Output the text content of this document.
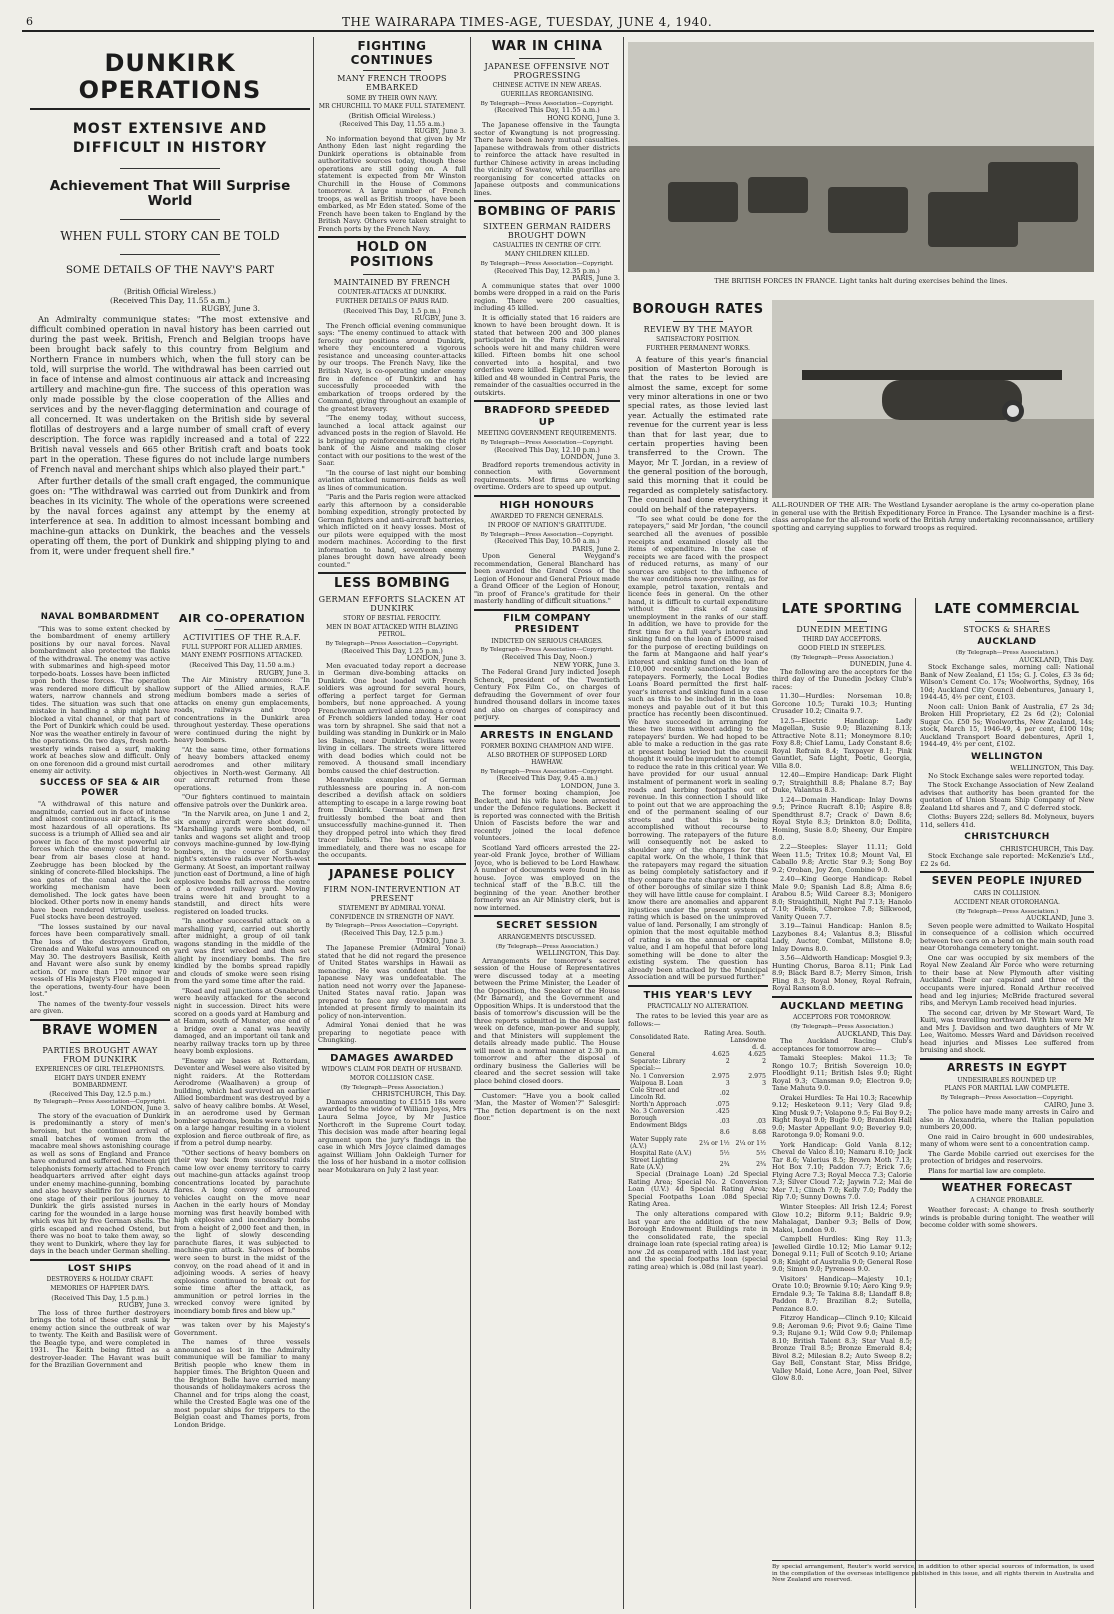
6	THE WAIRARAPA TIMES-AGE, TUESDAY, JUNE 4, 1940.
DUNKIRK OPERATIONS
MOST EXTENSIVE AND DIFFICULT IN HISTORY
Achievement That Will Surprise World
WHEN FULL STORY CAN BE TOLD
SOME DETAILS OF THE NAVY'S PART
(British Official Wireless.)
(Received This Day, 11.55 a.m.)
RUGBY, June 3.

An Admiralty communique states: "The most extensive and difficult combined operation in naval history has been carried out during the past week. British, French and Belgian troops have been brought back safely to this country from Belgium and Northern France in numbers which, when the full story can be told, will surprise the world. The withdrawal has been carried out in face of intense and almost continuous air attack and increasing artillery and machine-gun fire. The success of this operation was only made possible by the close cooperation of the Allies and services and by the never-flagging determination and courage of all concerned. It was undertaken on the British side by several flotillas of destroyers and a large number of small craft of every description. The force was rapidly increased and a total of 222 British naval vessels and 665 other British craft and boats took part in the operation. These figures do not include large numbers of French naval and merchant ships which also played their part."

After further details of the small craft engaged, the communique goes on: "The withdrawal was carried out from Dunkirk and from beaches in its vicinity. The whole of the operations were screened by the naval forces against any attempt by the enemy at interference at sea. In addition to almost incessant bombing and machine-gun attacks on Dunkirk, the beaches and the vessels operating off them, the port of Dunkirk and shipping plying to and from it, were under frequent shell fire."

NAVAL BOMBARDMENT

"This was to some extent checked by the bombardment of enemy artillery positions by our naval forces. Naval bombardment also protected the flanks of the withdrawal. The enemy was active with submarines and high-speed motor torpedo-boats. Losses have been inflicted upon both these forces. The operation was rendered more difficult by shallow waters, narrow channels and strong tides. The situation was such that one mistake in handling a ship might have blocked a vital channel, or that part of the Port of Dunkirk which could be used. Nor was the weather entirely in favour of the operations. On two days, fresh north-westerly winds raised a surf, making work at beaches slow and difficult. Only on one forenoon did a ground mist curtail enemy air activity.

SUCCESS OF SEA & AIR POWER

"A withdrawal of this nature and magnitude, carried out in face of intense and almost continuous air attack, is the most hazardous of all operations. Its success is a triumph of Allied sea and air power in face of the most powerful air forces which the enemy could bring to bear from air bases close at hand. Zeebrugge has been blocked by the sinking of concrete-filled blockships. The sea gates of the canal and the lock working mechanism have been demolished. The lock gates have been blocked. Other ports now in enemy hands have been rendered virtually useless. Fuel stocks have been destroyed.

"The losses sustained by our naval forces have been comparatively small. The loss of the destroyers Grafton, Grenade and Wakeful was announced on May 30. The destroyers Basilisk, Keith and Havant were also sunk by enemy action. Of more than 170 minor war vessels of His Majesty's Fleet engaged in the operations, twenty-four have been lost."

The names of the twenty-four vessels are given.

BRAVE WOMEN
PARTIES BROUGHT AWAY FROM DUNKIRK
EXPERIENCES OF GIRL TELEPHONISTS.
EIGHT DAYS UNDER ENEMY BOMBARDMENT.
(Received This Day, 12.5 p.m.)
By Telegraph—Press Association—Copyright.
LONDON, June 3.

The story of the evacuation of Dunkirk is predominantly a story of men's heroism, but the continued arrival of small batches of women from the macabre meal shows astonishing courage as well as sons of England and France have endured and suffered. Nineteen girl telephonists formerly attached to French headquarters arrived after eight days under enemy machine-gunning, bombing and also heavy shellfire for 36 hours. At one stage of their perilous journey to Dunkirk the girls assisted nurses in caring for the wounded in a large house which was hit by five German shells. The girls escaped and reached Ostend, but there was no boat to take them away, so they went to Dunkirk, where they lay for days in the beach under German shelling.

LOST SHIPS
DESTROYERS & HOLIDAY CRAFT.
MEMORIES OF HAPPIER DAYS.
(Received This Day, 1.5 p.m.)
RUGBY, June 3.

The loss of three further destroyers brings the total of these craft sunk by enemy action since the outbreak of war to twenty. The Keith and Basilisk were of the Beagle type, and were completed in 1931. The Keith being fitted as a destroyer-leader. The Havant was built for the Brazilian Government and

AIR CO-OPERATION
ACTIVITIES OF THE R.A.F.
FULL SUPPORT FOR ALLIED ARMIES.
MANY ENEMY POSITIONS ATTACKED.
(Received This Day, 11.50 a.m.)
RUGBY, June 3.

The Air Ministry announces: "In support of the Allied armies, R.A.F. medium bombers made a series of attacks on enemy gun emplacements, roads, railways and troop concentrations in the Dunkirk area throughout yesterday. These operations were continued during the night by heavy bombers.

"At the same time, other formations of heavy bombers attacked enemy aerodromes and other military objectives in North-west Germany. All our aircraft returned from these operations.

"Our fighters continued to maintain offensive patrols over the Dunkirk area.

"In the Narvik area, on June 1 and 2, six enemy aircraft were shot down." "Marshalling yards were bombed, oil tanks and wagons set alight and troop convoys machine-gunned by low-flying bombers, in the course of Sunday night's extensive raids over North-west Germany. At Soest, an important railway junction east of Dortmund, a line of high explosive bombs fell across the centre of a crowded railway yard. Moving trains were hit and brought to a standstill, and direct hits were registered on loaded trucks.

"In another successful attack on a marshalling yard, carried out shortly after midnight, a group of oil tank wagons standing in the middle of the yard was first wrecked and then set alight by incendiary bombs. The fire kindled by the bombs spread rapidly and clouds of smoke were seen rising from the yard some time after the raid.

"Road and rail junctions at Osnabruck were heavily attacked for the second night in succession. Direct hits were scored on a goods yard at Hamburg and at Hamm, south of Munster, one end of a bridge over a canal was heavily damaged, and an important oil tank and nearby railway tracks torn up by three heavy bomb explosions.

"Enemy air bases at Rotterdam, Deventer and Wesel were also visited by night raiders. At the Rotterdam Aerodrome (Waalhaven) a group of building, which had survived an earlier Allied bombardment was destroyed by a salvo of heavy calibre bombs. At Wesel, in an aerodrome used by German bomber squadrons, bombs were to burst on a large hangar resulting in a violent explosion and fierce outbreak of fire, as if from a petrol dump nearby.

"Other sections of heavy bombers on their way back from successful raids came low over enemy territory to carry out machine-gun attacks against troop concentrations located by parachute flares. A long convoy of armoured vehicles caught on the move near Aachen in the early hours of Monday morning was first heavily bombed with high explosive and incendiary bombs from a height of 2,000 feet and then, in the light of slowly descending parachute flares, it was subjected to machine-gun attack. Salvoes of bombs were seen to burst in the midst of the convoy, on the road ahead of it and in adjoining woods. A series of heavy explosions continued to break out for some time after the attack, as ammunition or petrol lorries in the wrecked convoy were ignited by incendiary bomb fires and blew up."

was taken over by his Majesty's Government.

The names of three vessels announced as lost in the Admiralty communique will be familiar to many British people who knew them in happier times. The Brighton Queen and the Brighton Belle have carried many thousands of holidaymakers across the Channel and for trips along the coast, while the Crested Eagle was one of the most popular ships for trippers to the Belgian coast and Thames ports, from London Bridge.

FIGHTING CONTINUES
MANY FRENCH TROOPS EMBARKED
SOME BY THEIR OWN NAVY.
MR CHURCHILL TO MAKE FULL STATEMENT.
(British Official Wireless.)
(Received This Day, 11.55 a.m.)
RUGBY, June 3.

No information beyond that given by Mr Anthony Eden last night regarding the Dunkirk operations is obtainable from authoritative sources today, though these operations are still going on. A full statement is expected from Mr Winston Churchill in the House of Commons tomorrow. A large number of French troops, as well as British troops, have been embarked, as Mr Eden stated. Some of the French have been taken to England by the British Navy. Others were taken straight to French ports by the French Navy.

HOLD ON POSITIONS
MAINTAINED BY FRENCH
COUNTER-ATTACKS AT DUNKIRK.
FURTHER DETAILS OF PARIS RAID.
(Received This Day, 1.5 p.m.)
RUGBY, June 3.

The French official evening communique says: "The enemy continued to attack with ferocity our positions around Dunkirk, where they encountered a vigorous resistance and unceasing counter-attacks by our troops. The French Navy, like the British Navy, is co-operating under enemy fire in defence of Dunkirk and has successfully proceeded with the embarkation of troops ordered by the Command, giving throughout an example of the greatest bravery.

"The enemy today, without success, launched a local attack against our advanced posts in the region of Slavold. He is bringing up reinforcements on the right bank of the Aisne and making closer contact with our positions to the west of the Saar.

"In the course of last night our bombing aviation attacked numerous fields as well as lines of communication.

"Paris and the Paris region were attacked early this afternoon by a considerable bombing expedition, strongly protected by German fighters and anti-aircraft batteries, which inflicted on it heavy losses. Most of our pilots were equipped with the most modern machines. According to the first information to hand, seventeen enemy planes brought down have already been counted."

LESS BOMBING
GERMAN EFFORTS SLACKEN AT DUNKIRK
STORY OF BESTIAL FEROCITY.
MEN IN BOAT ATTACKED WITH BLAZING PETROL.
By Telegraph—Press Association—Copyright.
(Received This Day, 1.25 p.m.)
LONDON, June 3.

Men evacuated today report a decrease in German dive-bombing attacks on Dunkirk. One boat loaded with French soldiers was aground for several hours, offering a perfect target for German bombers, but none approached. A young Frenchwoman arrived alone among a crowd of French soldiers landed today. Her coat was torn by shrapnel. She said that not a building was standing in Dunkirk or in Malo les Baines, near Dunkirk. Civilians were living in cellars. The streets were littered with dead bodies which could not be removed. A thousand small incendiary bombs caused the chief destruction.

Meanwhile examples of German ruthlessness are pouring in. A non-com described a devilish attack on soldiers attempting to escape in a large rowing boat from Dunkirk. German airmen first fruitlessly bombed the boat and then unsuccessfully machine-gunned it. Then they dropped petrol into which they fired tracer bullets. The boat was ablaze immediately, and there was no escape for the occupants.

JAPANESE POLICY
FIRM NON-INTERVENTION AT PRESENT
STATEMENT BY ADMIRAL YONAI.
CONFIDENCE IN STRENGTH OF NAVY.
By Telegraph—Press Association—Copyright.
(Received This Day, 12.5 p.m.)
TOKIO, June 3.

The Japanese Premier (Admiral Yonai) stated that he did not regard the presence of United States warships in Hawaii as menacing. He was confident that the Japanese Navy was undefeatable. The nation need not worry over the Japanese-United States naval ratio. Japan was prepared to face any development and intended at present firmly to maintain its policy of non-intervention.

Admiral Yonai denied that he was preparing to negotiate peace with Chungking.

DAMAGES AWARDED
WIDOW'S CLAIM FOR DEATH OF HUSBAND.
MOTOR COLLISION CASE.
(By Telegraph—Press Association.)
CHRISTCHURCH, This Day.

Damages amounting to £1515 18s were awarded to the widow of William Joyes, Mrs Laura Selma Joyce, by Mr Justice Northcroft in the Supreme Court today. This decision was made after hearing legal argument upon the jury's findings in the case in which Mrs Joyce claimed damages against William John Oakleigh Turner for the loss of her husband in a motor collision near Motukarara on July 2 last year.

WAR IN CHINA
JAPANESE OFFENSIVE NOT PROGRESSING
CHINESE ACTIVE IN NEW AREAS.
GUERILLAS REORGANISING.
By Telegraph—Press Association—Copyright.
(Received This Day, 11.55 a.m.)
HONG KONG, June 3.

The Japanese offensive in the Taungta sector of Kwangtung is not progressing. There have been heavy mutual casualties. Japanese withdrawals from other districts to reinforce the attack have resulted in further Chinese activity in areas including the vicinity of Swatow, while guerillas are reorganising for concerted attacks on Japanese outposts and communications lines.

BOMBING OF PARIS
SIXTEEN GERMAN RAIDERS BROUGHT DOWN
CASUALTIES IN CENTRE OF CITY.
MANY CHILDREN KILLED.
By Telegraph—Press Association—Copyright.
(Received This Day, 12.35 p.m.)
PARIS, June 3.

A communique states that over 1000 bombs were dropped in a raid on the Paris region. There were 200 casualties, including 45 killed.

It is officially stated that 16 raiders are known to have been brought down. It is stated that between 200 and 300 planes participated in the Paris raid. Several schools were hit and many children were killed. Fifteen bombs hit one school converted into a hospital, and two orderlies were killed. Eight persons were killed and 48 wounded in Central Paris, the remainder of the casualties occurred in the outskirts.

BRADFORD SPEEDED UP
MEETING GOVERNMENT REQUIREMENTS.
By Telegraph—Press Association—Copyright.
(Received This Day, 12.10 p.m.)
LONDON, June 3.

Bradford reports tremendous activity in connection with Government requirements. Most firms are working overtime. Orders are to speed up output.

HIGH HONOURS
AWARDED TO FRENCH GENERALS.
IN PROOF OF NATION'S GRATITUDE.
By Telegraph—Press Association—Copyright.
(Received This Day, 10.50 a.m.)
PARIS, June 2.

Upon General Weygand's recommendation, General Blanchard has been awarded the Grand Cross of the Legion of Honour and General Prioux made a Grand Officer of the Legion of Honour, "in proof of France's gratitude for their masterly handling of difficult situations."

FILM COMPANY PRESIDENT
INDICTED ON SERIOUS CHARGES.
By Telegraph—Press Association—Copyright.
(Received This Day, Noon.)
NEW YORK, June 3.

The Federal Grand Jury indicted Joseph Schenck, president of the Twentieth Century Fox Film Co., on charges of defrauding the Government of over four hundred thousand dollars in income taxes and also on charges of conspiracy and perjury.

ARRESTS IN ENGLAND
FORMER BOXING CHAMPION AND WIFE.
ALSO BROTHER OF SUPPOSED LORD HAWHAW.
By Telegraph—Press Association—Copyright.
(Received This Day, 9.45 a.m.)
LONDON, June 3.

The former boxing champion, Joe Beckett, and his wife have been arrested under the Defence regulations. Beckett it is reported was connected with the British Union of Fascists before the war and recently joined the local defence volunteers.

Scotland Yard officers arrested the 22-year-old Frank Joyce, brother of William Joyce, who is believed to be Lord Hawhaw. A number of documents were found in his house. Joyce was employed on the technical staff of the B.B.C. till the beginning of the year. Another brother formerly was an Air Ministry clerk, but is now interned.

SECRET SESSION
ARRANGEMENTS DISCUSSED.
(By Telegraph—Press Association.)
WELLINGTON, This Day.

Arrangements for tomorrow's secret session of the House of Representatives were discussed today at a meeting between the Prime Minister, the Leader of the Opposition, the Speaker of the House (Mr Barnard), and the Government and Opposition Whips. It is understood that the basis of tomorrow's discussion will be the three reports submitted in the House last week on defence, man-power and supply, and that Ministers will supplement the details already made public. The House will meet in a normal manner at 2.30 p.m. tomorrow and after the disposal of ordinary business the Galleries will be cleared and the secret session will take place behind closed doors.

Customer: "Have you a book called 'Man, the Master of Women'?" Salesgirl: "The fiction department is on the next floor."

THE BRITISH FORCES IN FRANCE. Light tanks halt during exercises behind the lines.
ALL-ROUNDER OF THE AIR: The Westland Lysander aeroplane is the army co-operation plane in general use with the British Expeditionary Force in France. The Lysander machine is a first-class aeroplane for the all-round work of the British Army undertaking reconnaissance, artillery spotting and carrying supplies to forward troops as required.
BOROUGH RATES
REVIEW BY THE MAYOR
SATISFACTORY POSITION.
FURTHER PERMANENT WORKS.

A feature of this year's financial position of Masterton Borough is that the rates to be levied are almost the same, except for some very minor alterations in one or two special rates, as those levied last year. Actually the estimated rate revenue for the current year is less than that for last year, due to certain properties having been transferred to the Crown. The Mayor, Mr T. Jordan, in a review of the general position of the borough, said this morning that it could be regarded as completely satisfactory. The council had done everything it could on behalf of the ratepayers.

"To see what could be done for the ratepayers," said Mr Jordan, "the council searched all the avenues of possible receipts and examined closely all the items of expenditure. In the case of receipts we are faced with the prospect of reduced returns, as many of our sources are subject to the influence of the war conditions now-prevailing, as for example, petrol taxation, rentals and licence fees in general. On the other hand, it is difficult to curtail expenditure without the risk of causing unemployment in the ranks of our staff. In addition, we have to provide for the first time for a full year's interest and sinking fund on the loan of £5000 raised for the purpose of erecting buildings on the farm at Mangaone and half year's interest and sinking fund on the loan of £10,000 recently sanctioned by the ratepayers. Formerly, the Local Bodies Loans Board permitted the first half-year's interest and sinking fund in a case such as this to be included in the loan moneys and payable out of it but this practice has recently been discontinued. We have succeeded in arranging for these two items without adding to the ratepayers' burden. We had hoped to be able to make a reduction in the gas rate at present being levied but the council thought it would be imprudent to attempt to reduce the rate in this critical year. We have provided for our usual annual instalment of permanent work in sealing roads and kerbing footpaths out of revenue. In this connection I should like to point out that we are approaching the end of the permanent sealing of our streets and that this is being accomplished without recourse to borrowing. The ratepayers of the future will consequently not be asked to shoulder any of the charges for this capital work. On the whole, I think that the ratepayers may regard the situation as being completely satisfactory and if they compare the rate charges with those of other boroughs of similar size I think they will have little cause for complaint. I know there are anomalies and apparent injustices under the present system of rating which is based on the unimproved value of land. Personally, I am strongly of opinion that the most equitable method of rating is on the annual or capital value, and I am hopeful that before long something will be done to alter the existing system. The question has already been attacked by the Municipal Association and will be pursued further."

THIS YEAR'S LEVY
PRACTICALLY NO ALTERATION.

The rates to be levied this year are as follows:—

Consolidated Rate.	Rating Area. South. Lansdowne	
	d. d.	
General	4.625	4.625
Separate: Library	2	2
Special:—		
No. 1 Conversion	2.975	2.975
Waipoua B. Loan	3	3
Cole Street and Lincoln Rd.	.02	
North'n Approach	.075	
No. 3 Conversion	.425	
Borough Endowment Bldgs	.03	.03
	8.6	8.68
Water Supply rate (A.V.)	2¼ or 1½	2¼ or 1½
Hospital Rate (A.V.)	5½	5½
Street Lighting Rate (A.V.)	2¾	2¾

Special (Drainage Loan) .2d Special Rating Area; Special No. 2 Conversion Loan (U.V.) 4d Special Rating Area; Special Footpaths Loan .08d Special Rating Area.

The only alterations compared with last year are the addition of the new Borough Endowment Buildings rate in the consolidated rate, the special drainage loan rate (special rating area) is now .2d as compared with .18d last year, and the special footpaths loan (special rating area) which is .08d (nil last year).

LATE SPORTING
DUNEDIN MEETING
THIRD DAY ACCEPTORS.
GOOD FIELD IN STEEPLES.
(By Telegraph—Press Association.)
DUNEDIN, June 4.

The following are the acceptors for the third day of the Dunedin Jockey Club's races:

11.30—Hurdles: Norseman 10.8; Gorcone 10.5; Turaki 10.3; Hunting Crusader 10.2; Cinaita 9.7.

12.5—Electric Handicap: Lady Magellan, Susie 9.0; Blazening 8.13; Attractive Note 8.11; Moneymore 8.10; Foxy 8.8; Chief Lamu, Lady Constant 8.6; Royal Refrain 8.4; Taxpayer 8.1; Pink Gauntlet, Safe Light, Poetic, Georgia, Villa 8.0.

12.40—Empire Handicap: Dark Flight 9.7; Straighthill 8.8; Phalane 8.7; Bay Duke, Valantus 8.3.

1.24—Domain Handicap: Inlay Downs 9.5; Prince Rucraft 8.10; Aspire 8.8; Spendthrust 8.7; Crack o' Dawn 8.6; Royal Style 8.3; Drinkton 8.0; Dollita, Homing, Susie 8.0; Sheeny, Our Empire 8.0.

2.2—Steeples: Slayer 11.11; Gold Ween 11.5; Tritex 10.8; Mount Val, El Caballo 9.8; Arctic Star 9.3; Song Boy 9.2; Oroban, Joy Zen, Combine 9.0.

2.40—King George Handicap: Rebel Male 9.0; Spanish Lad 8.8; Alma 8.6; Arabou 8.5; Wild Career 8.3; Monigero 8.0; Straightlhill, Night Pal 7.13; Hanolo 7.10; Fidelis, Cherokee 7.8; Silkwood, Vanity Queen 7.7.

3.19—Tainui Handicap: Hanlon 8.5; Lazybones 8.4; Valantus 8.3; Blissful Lady, Auctor, Combat, Millstone 8.0; Inlay Downs 8.0.

3.56—Aldworth Handicap: Mosgiel 9.3; Hunting Chorus, Baroa 8.11; Pink Lad 8.9; Black Bard 8.7; Merry Simon, Irish Fling 8.3; Royal Money, Royal Refrain, Royal Ransom 8.0.

AUCKLAND MEETING
ACCEPTORS FOR TOMORROW.
(By Telegraph—Press Association.)
AUCKLAND, This Day.

The Auckland Racing Club's acceptances for tomorrow are:—

Tamaki Steeples: Makoi 11.3; Te Rongo 10.7; British Sovereign 10.0; Floodlight 9.11; British Isles 9.0; Right Royal 9.3; Clansman 9.0; Electron 9.0; Tane Mahuta 9.0.

Orakei Hurdles: Te Hai 10.3; Racewhip 9.12; Hesketeon 9.11; Very Glad 9.8; King Musk 9.7; Volapone 9.5; Fai Boy 9.2; Right Royal 9.0; Bugle 9.0; Brandon Hall 9.0; Master Appellant 9.0; Beverley 9.0; Rarotonga 9.0; Romani 9.0.

York Handicap: Gold Vanla 8.12; Cheval de Valco 8.10; Namaru 8.10; Jack Tar 8.6; Valerius 8.5; Brown Moth 7.13; Hot Box 7.10; Paddon 7.7; Erick 7.6; Flying Acre 7.3; Royal Mecca 7.3; Calorie 7.3; Silver Cloud 7.2; Jaywin 7.2; Mai de Mer 7.1; Clinch 7.0; Kelly 7.0; Paddy the Rip 7.0; Sunny Downs 7.0.

Winter Steeples: All Irish 12.4; Forest Glow 10.2; Biform 9.11; Baldric 9.9; Mahalagat, Danber 9.3; Bells of Dow, Makoi, London 9.0.

Campbell Hurdles: King Rey 11.3; Jewelled Girdle 10.12; Mio Lamar 9.12; Donegal 9.11; Full of Scotch 9.10; Ariane 9.8; Knight of Australia 9.0; General Rose 9.0; Simon 9.0; Pyrenees 9.0.

Visitors' Handicap—Majesty 10.1; Orate 10.0; Brownie 9.10; Aero King 9.9; Erndale 9.3; Te Takina 8.8; Llandaff 8.8; Paddon 8.7; Brazilian 8.2; Sutella, Penzance 8.0.

Fitzroy Handicap—Clinch 9.10; Kilcaid 9.8; Aeroman 9.6; Pivot 9.6; Gaine Time 9.3; Rujane 9.1; Wild Cow 9.0; Philemap 8.10; British Talent 8.3; Star Vual 8.5; Bronze Trail 8.5; Bronze Emerald 8.4; Bivol 8.2; Milesian 8.2; Auto Sweep 8.2; Gay Bell, Constant Star, Miss Bridge, Valley Maid, Lone Acre, Joan Peel, Silver Glow 8.0.

LATE COMMERCIAL
STOCKS & SHARES
AUCKLAND
(By Telegraph—Press Association.)
AUCKLAND, This Day.

Stock Exchange sales, morning call: National Bank of New Zealand, £1 15s; G. J. Coles, £3 3s 6d; Wilson's Cement Co. 17s; Woolworths, Sydney, 16s 10d; Auckland City Council debentures, January 1, 1944-45, 4½ per cent, £103.

Noon call: Union Bank of Australia, £7 2s 3d; Broken Hill Proprietary, £2 2s 6d (2); Colonial Sugar Co. £50 5s; Woolworths, New Zealand, 14s; stock, March 15, 1946-49, 4 per cent, £100 10s; Auckland Transport Board debentures, April 1, 1944-49, 4½ per cent, £102.

WELLINGTON
WELLINGTON, This Day.

No Stock Exchange sales were reported today.

The Stock Exchange Association of New Zealand advises that authority has been granted for the quotation of Union Steam Ship Company of New Zealand Ltd shares and 7, and C deferred stock.

Cloths: Buyers 22d; sellers 8d. Molyneux, buyers 11d, sellers 41d.

CHRISTCHURCH
CHRISTCHURCH, This Day.

Stock Exchange sale reported: McKenzie's Ltd., £2 2s 6d.

SEVEN PEOPLE INJURED
CARS IN COLLISION.
ACCIDENT NEAR OTOROHANGA.
(By Telegraph—Press Association.)
AUCKLAND, June 3.

Seven people were admitted to Waikato Hospital in consequence of a collision which occurred between two cars on a bend on the main south road near Otorohanga cemetery tonight.

One car was occupied by six members of the Royal New Zealand Air Force who were returning to their base at New Plymouth after visiting Auckland. Their car capsized and three of the occupants were injured. Ronald Arthur received head and leg injuries; McBride fractured several ribs, and Mervyn Lamb received head injuries.

The second car, driven by Mr Stewart Ward, Te Kuiti, was travelling northward. With him were Mr and Mrs J. Davidson and two daughters of Mr W. Lee, Waitomo. Messrs Ward and Davidson received head injuries and Misses Lee suffered from bruising and shock.

ARRESTS IN EGYPT
UNDESIRABLES ROUNDED UP.
PLANS FOR MARTIAL LAW COMPLETE.
By Telegraph—Press Association—Copyright.
CAIRO, June 3.

The police have made many arrests in Cairo and also in Alexandria, where the Italian population numbers 20,000.

One raid in Cairo brought in 600 undesirables, many of whom were sent to a concentration camp.

The Garde Mobile carried out exercises for the protection of bridges and reservoirs.

Plans for martial law are complete.

WEATHER FORECAST
A CHANGE PROBABLE.

Weather forecast: A change to fresh southerly winds is probable during tonight. The weather will become colder with some showers.

By special arrangement, Reuter's world service, in addition to other special sources of information, is used in the compilation of the overseas intelligence published in this issue, and all rights therein in Australia and New Zealand are reserved.
